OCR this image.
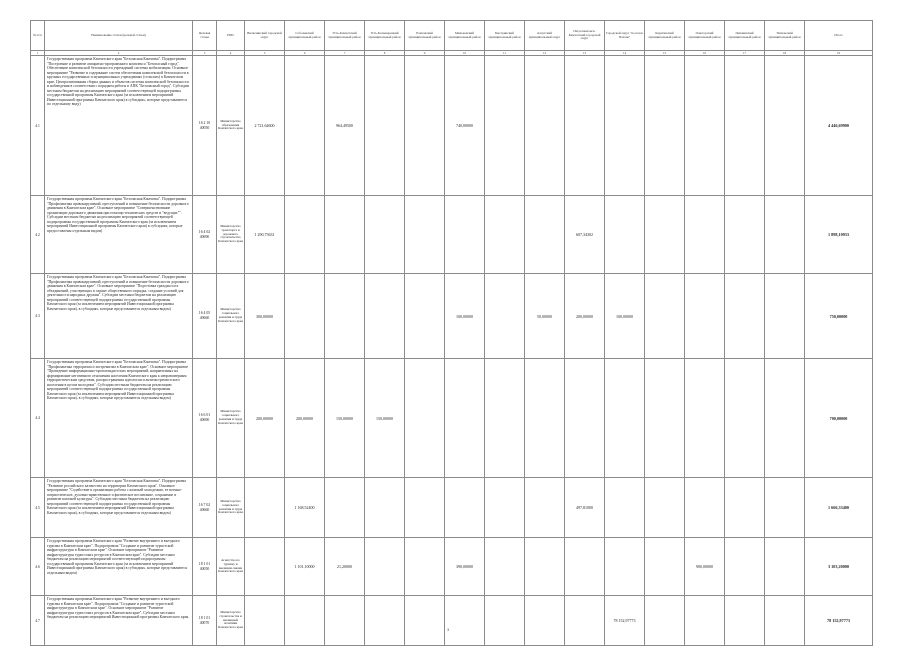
№ п/п	Наименование статьи (целевой статьи)	Целевая статья	ГРБС	Вилючинский городской округ	Соболевский муниципальный район	Усть-Камчатский муниципальный район	Усть-Большерецкий муниципальный район	Елизовский муниципальный район	Мильковский муниципальный район	Быстринский муниципальный район	Алеутский муниципальный округ	Петропавловск-Камчатский городской округ	Городской округ "поселок Палана"	Карагинский муниципальный район	Олюторский муниципальный район	Пенжинский муниципальный район	Тигильский муниципальный район	Итого
1	2	3	4	5	6	7	8	9	10	11	12	13	14	15	16	17	18	19
4.1	Государственная программа Камчатского края "Безопасная Камчатка". Подпрограмма "Построение и развитие аппаратно-программного комплекса "Безопасный город". Обеспечение комплексной безопасности учреждений системы мобилизации. Основное мероприятие "Развитие и содержание систем обеспечения комплексной безопасности в крупных государственных и муниципальных учреждениях (сельских) в Камчатском крае. Централизованная сборка данных и объектов системы комплексной безопасности и наблюдения в соответствии с порядком работы в АПК "Безопасный город". Субсидии местным бюджетам на реализацию мероприятий соответствующей подпрограммы государственной программы Камчатского края (за исключением мероприятий Инвестиционной программы Камчатского края) в субсидиях, которые представляются по отдельному виду)	16 2 10 40050	Министерство образования Камчатского края	2 721,64600		964,49500			740,00000									4 446,69900
4.2	Государственная программа Камчатского края "Безопасная Камчатка". Подпрограмма "Профилактика правонарушений, преступлений и повышение безопасности дорожного движения в Камчатском крае". Основное мероприятие "Совершенствование организации дорожного движения при помощи технических средств и "ведущих"". Субсидии местным бюджетам на реализацию мероприятий соответствующей подпрограммы государственной программы Камчатского края (за исключением мероприятий Инвестиционной программы Камчатского края) в субсидиях, которые предоставлены отдельным видом)	16 4 02 40690	Министерство транспорта и дорожного строительства Камчатского края	1 290,75631								607,34302						1 898,10933
4.3	Государственная программа Камчатского края "Безопасная Камчатка". Подпрограмма "Профилактика правонарушений, преступлений и повышение безопасности дорожного движения в Камчатском крае". Основное мероприятие "Подготовка граждан и их объединений, участвующих в охране общественного порядка, создание условий для деятельности народных дружин". Субсидии местным бюджетам на реализацию мероприятий соответствующей подпрограммы государственной программы Камчатского края (за исключением мероприятий Инвестиционной программы Камчатского края), в субсидиях, которые представляются отдельным видом)	16 4 05 40660	Министерство социального развития и труда Камчатского края	300,00000					100,00000		50,00000	200,00000	100,00000					750,00000
4.4	Государственная программа Камчатского края "Безопасная Камчатка". Подпрограмма "Профилактика терроризма и экстремизма в Камчатском крае". Основное мероприятие "Проведение информационно-пропагандистских мероприятий, направленных на формирование негативного отношения населения Камчатского края к неправомерным террористическим средствам, распространения идеологии и антиэкстремистского населения в целом молодежи". Субсидии местным бюджетам на реализацию мероприятий соответствующей подпрограммы государственной программы Камчатского края (за исключением мероприятий Инвестиционной программы Камчатского края), в субсидиях, которые представляются отдельным видом)	16 6 01 40690	Министерство социального развития и труда Камчатского края	200,00000	200,00000	150,00000	150,00000											700,00000
4.5	Государственная программа Камчатского края "Безопасная Камчатка". Подпрограмма "Развитие российского казачества на территории Камчатского края". Основное мероприятие "Содействие в организации работы с казачьей молодежью, ее военно-патриотическое, духовно-нравственное и физическое воспитание, сохранение и развитие казачьей культуры". Субсидии местным бюджетам на реализацию мероприятий соответствующей подпрограммы государственной программы Камчатского края (за исключением мероприятий Инвестиционной программы Камчатского края), в субсидиях, которые представляются отдельным видом)	16 7 02 40660	Министерство социального развития и труда Камчатского края		1 168,52400							497,81000						1 666,33400
4.6	Государственная программа Камчатского края "Развитие внутреннего и въездного туризма в Камчатском крае". Подпрограмма "Создание и развитие туристской инфраструктуры в Камчатском крае". Основное мероприятие "Развитие инфраструктуры туристских ресурсов в Камчатском крае". Субсидии местным бюджетам на реализацию мероприятий соответствующей подпрограммы государственной программы Камчатского края (за исключением мероприятий Инвестиционной программы Камчатского края) в субсидиях, которые представляются отдельным видом)	18 1 01 40050	Агентство по туризму и внешним связям Камчатского края		1 101,10000	21,20000			390,00000						900,00000			3 103,20000
4.7	Государственная программа Камчатского края "Развитие внутреннего и въездного туризма в Камчатском крае". Подпрограмма "Создание и развитие туристской инфраструктуры в Камчатском крае". Основное мероприятие "Развитие инфраструктуры туристских ресурсов в Камчатском крае". Субсидии местным бюджетам на реализацию мероприятий Инвестиционной программы Камчатского края.	18 1 01 40070	Министерство строительства и жилищной политики Камчатского края										78 152,97773					78 152,97773
3
